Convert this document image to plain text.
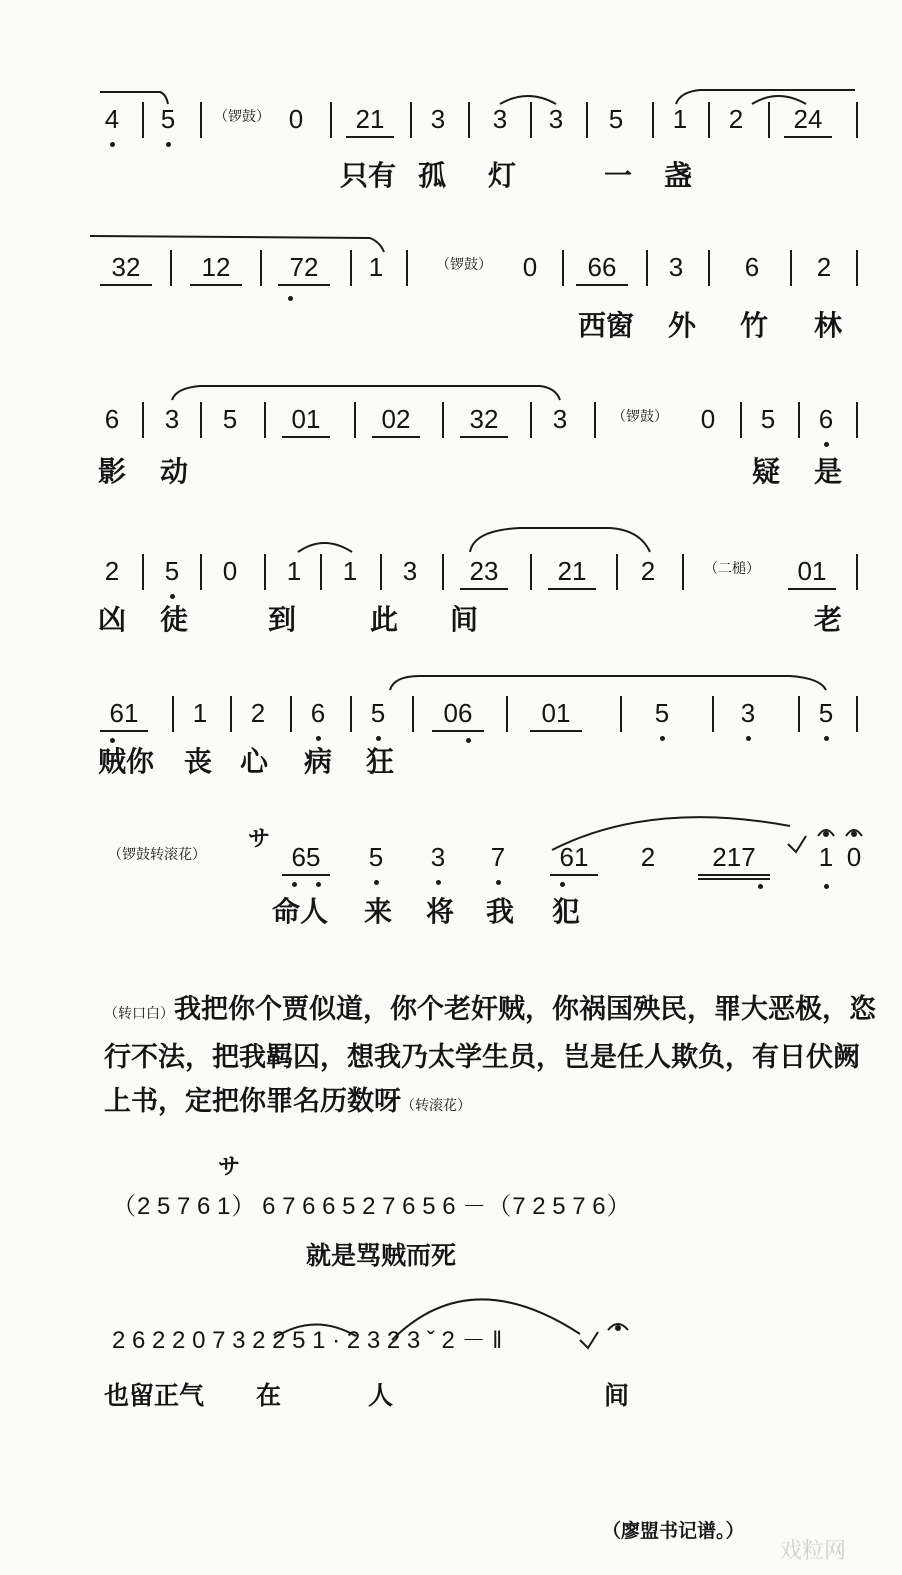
4 5	（锣鼓） 0	21	3 3 3 5 1 2	24
只有 孤 灯	一 盏
32	12	72	1	（锣鼓） 0	66	3 6 2
西窗 外 竹 林
6 3 5	01	02	32	3	（锣鼓） 0 5 6
影 动	疑 是
2 5 0 1 1 3	23	21	2	（二槌）	01
凶 徒	到	此 间	老
61	1 2 6 5	06	01	5	3 5
贼你 丧 心 病 狂
（锣鼓转滚花）
サ
65	5 3 7	61	2	217	1 0
命人 来 将 我 犯
（转口白）我把你个贾似道，你个老奸贼，你祸国殃民，罪大恶极，恣行不法，把我羁囚，想我乃太学生员，岂是任人欺负，有日伏阙上书，定把你罪名历数呀（转滚花）
サ
（2 5 7 6 1） 6 7 6 6 5 2 7 6 5 6 －（7 2 5 7 6）
就是骂贼而死
2 6 2 2 0 7 3 2 2 5 1 · 2 3 2 3 ˇ 2 － ‖
也留正气 在	人	间
（廖盟书记谱。）
戏粒网
